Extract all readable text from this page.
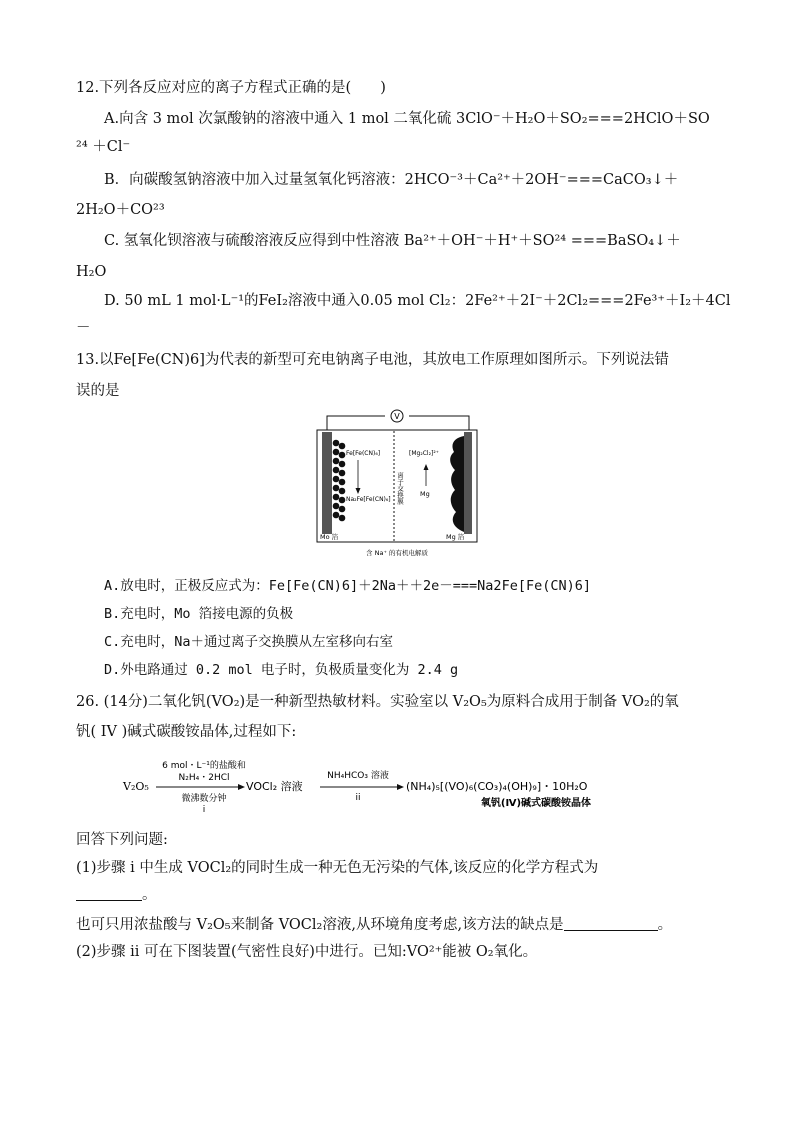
12.下列各反应对应的离子方程式正确的是(　　)
A.向含 3 mol 次氯酸钠的溶液中通入 1 mol 二氧化硫 3ClO⁻＋H₂O＋SO₂===2HClO＋SO
²⁴ ＋Cl⁻
B．向碳酸氢钠溶液中加入过量氢氧化钙溶液：2HCO⁻³＋Ca²⁺＋2OH⁻===CaCO₃↓＋
2H₂O＋CO²³
C. 氢氧化钡溶液与硫酸溶液反应得到中性溶液 Ba²⁺＋OH⁻＋H⁺＋SO²⁴ ===BaSO₄↓＋
H₂O
D. 50 mL 1 mol·L⁻¹的FeI₂溶液中通入0.05 mol Cl₂：2Fe²⁺＋2I⁻＋2Cl₂===2Fe³⁺＋I₂＋4Cl
－
13.以Fe[Fe(CN)6]为代表的新型可充电钠离子电池，其放电工作原理如图所示。下列说法错
误的是
V
Fe[Fe(CN)₆]
Na₂Fe[Fe(CN)₆] 离子交换膜
[Mg₂Cl₂]²⁺
Mg
Mo 箔	Mg 箔
含 Na⁺ 的有机电解质
A.放电时，正极反应式为：Fe[Fe(CN)6]＋2Na＋＋2e－===Na2Fe[Fe(CN)6]
B.充电时，Mo 箔接电源的负极
C.充电时，Na＋通过离子交换膜从左室移向右室
D.外电路通过 0.2 mol 电子时，负极质量变化为 2.4 g
26. (14分)二氧化钒(VO₂)是一种新型热敏材料。实验室以 V₂O₅为原料合成用于制备 VO₂的氧
钒( IV )碱式碳酸铵晶体,过程如下:
V₂O₅
6 mol・L⁻¹的盐酸和
N₂H₄・2HCl
微沸数分钟
i
VOCl₂ 溶液
NH₄HCO₃ 溶液
ii
(NH₄)₅[(VO)₆(CO₃)₄(OH)₉]・10H₂O
氧钒(Ⅳ)碱式碳酸铵晶体
回答下列问题:
(1)步骤 i 中生成 VOCl₂的同时生成一种无色无污染的气体,该反应的化学方程式为
。
也可只用浓盐酸与 V₂O₅来制备 VOCl₂溶液,从环境角度考虑,该方法的缺点是	。
(2)步骤 ii 可在下图装置(气密性良好)中进行。已知:VO²⁺能被 O₂氧化。
